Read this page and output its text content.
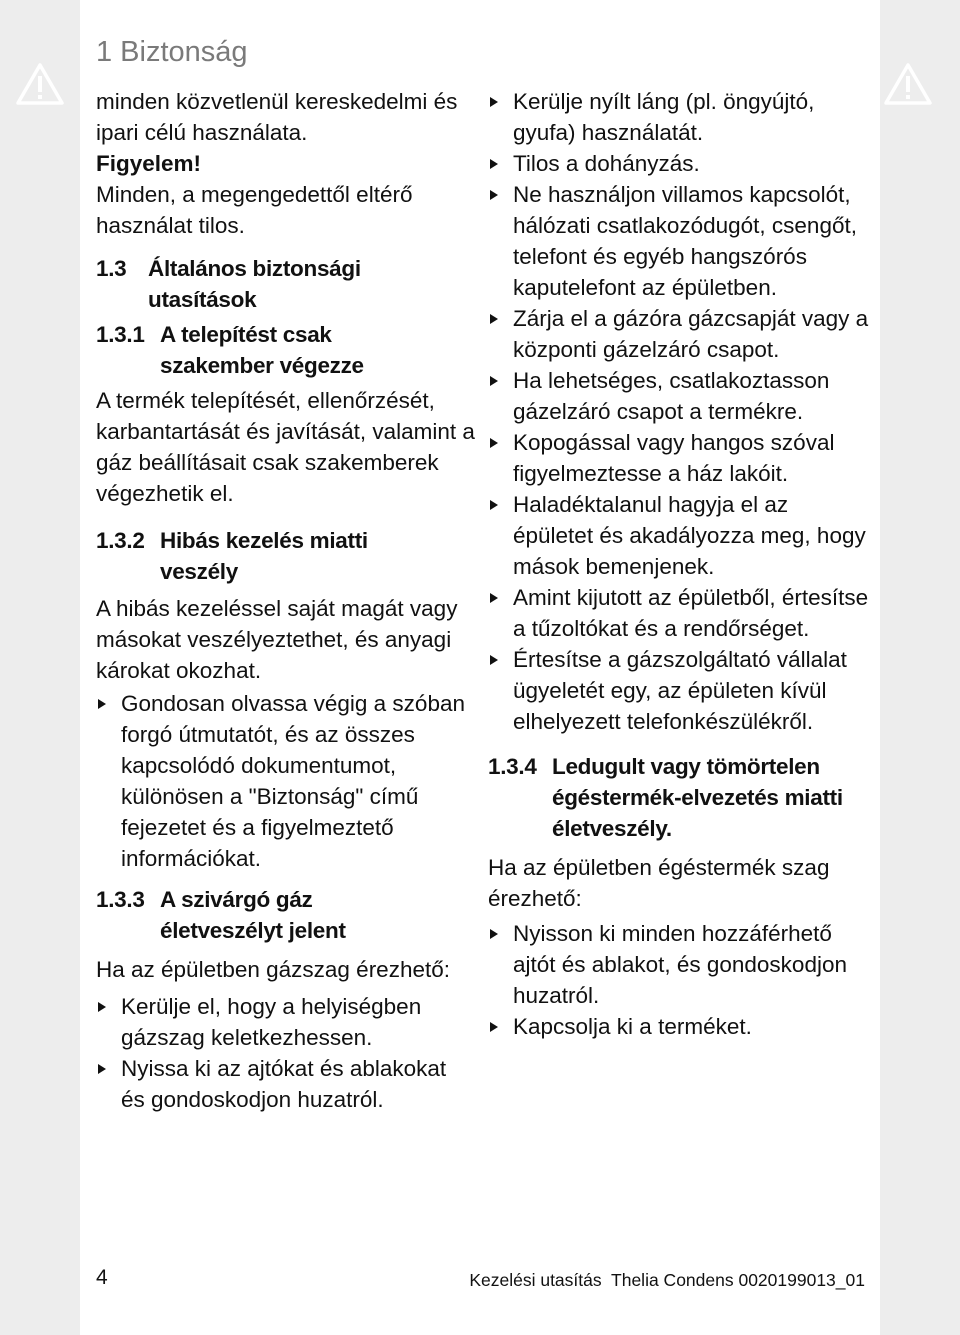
1 Biztonság

minden közvetlenül kereskedelmi és ipari célú használata.

Figyelem!

Minden, a megengedettől eltérő használat tilos.

1.3 Általános biztonsági utasítások
1.3.1 A telepítést csak szakember végezze

A termék telepítését, ellenőrzését, karbantartását és javítását, valamint a gáz beállításait csak szakemberek végezhetik el.

1.3.2 Hibás kezelés miatti veszély

A hibás kezeléssel saját magát vagy másokat veszélyeztethet, és anyagi károkat okozhat.

Gondosan olvassa végig a szóban forgó útmutatót, és az összes kapcsolódó dokumentumot, különösen a "Biztonság" című fejezetet és a figyelmeztető információkat.
1.3.3 A szivárgó gáz életveszélyt jelent

Ha az épületben gázszag érezhető:

Kerülje el, hogy a helyiségben gázszag keletkezhessen.
Nyissa ki az ajtókat és ablakokat és gondoskodjon huzatról.
Kerülje nyílt láng (pl. öngyújtó, gyufa) használatát.
Tilos a dohányzás.
Ne használjon villamos kapcsolót, hálózati csatlakozódugót, csengőt, telefont és egyéb hangszórós kaputelefont az épületben.
Zárja el a gázóra gázcsapját vagy a központi gázelzáró csapot.
Ha lehetséges, csatlakoztasson gázelzáró csapot a termékre.
Kopogással vagy hangos szóval figyelmeztesse a ház lakóit.
Haladéktalanul hagyja el az épületet és akadályozza meg, hogy mások bemenjenek.
Amint kijutott az épületből, értesítse a tűzoltókat és a rendőrséget.
Értesítse a gázszolgáltató vállalat ügyeletét egy, az épületen kívül elhelyezett telefonkészülékről.
1.3.4 Ledugult vagy tömörtelen égéstermék-elvezetés miatti életveszély.

Ha az épületben égéstermék szag érezhető:

Nyisson ki minden hozzáférhető ajtót és ablakot, és gondoskodjon huzatról.
Kapcsolja ki a terméket.
4	Kezelési utasítás  Thelia Condens 0020199013_01
